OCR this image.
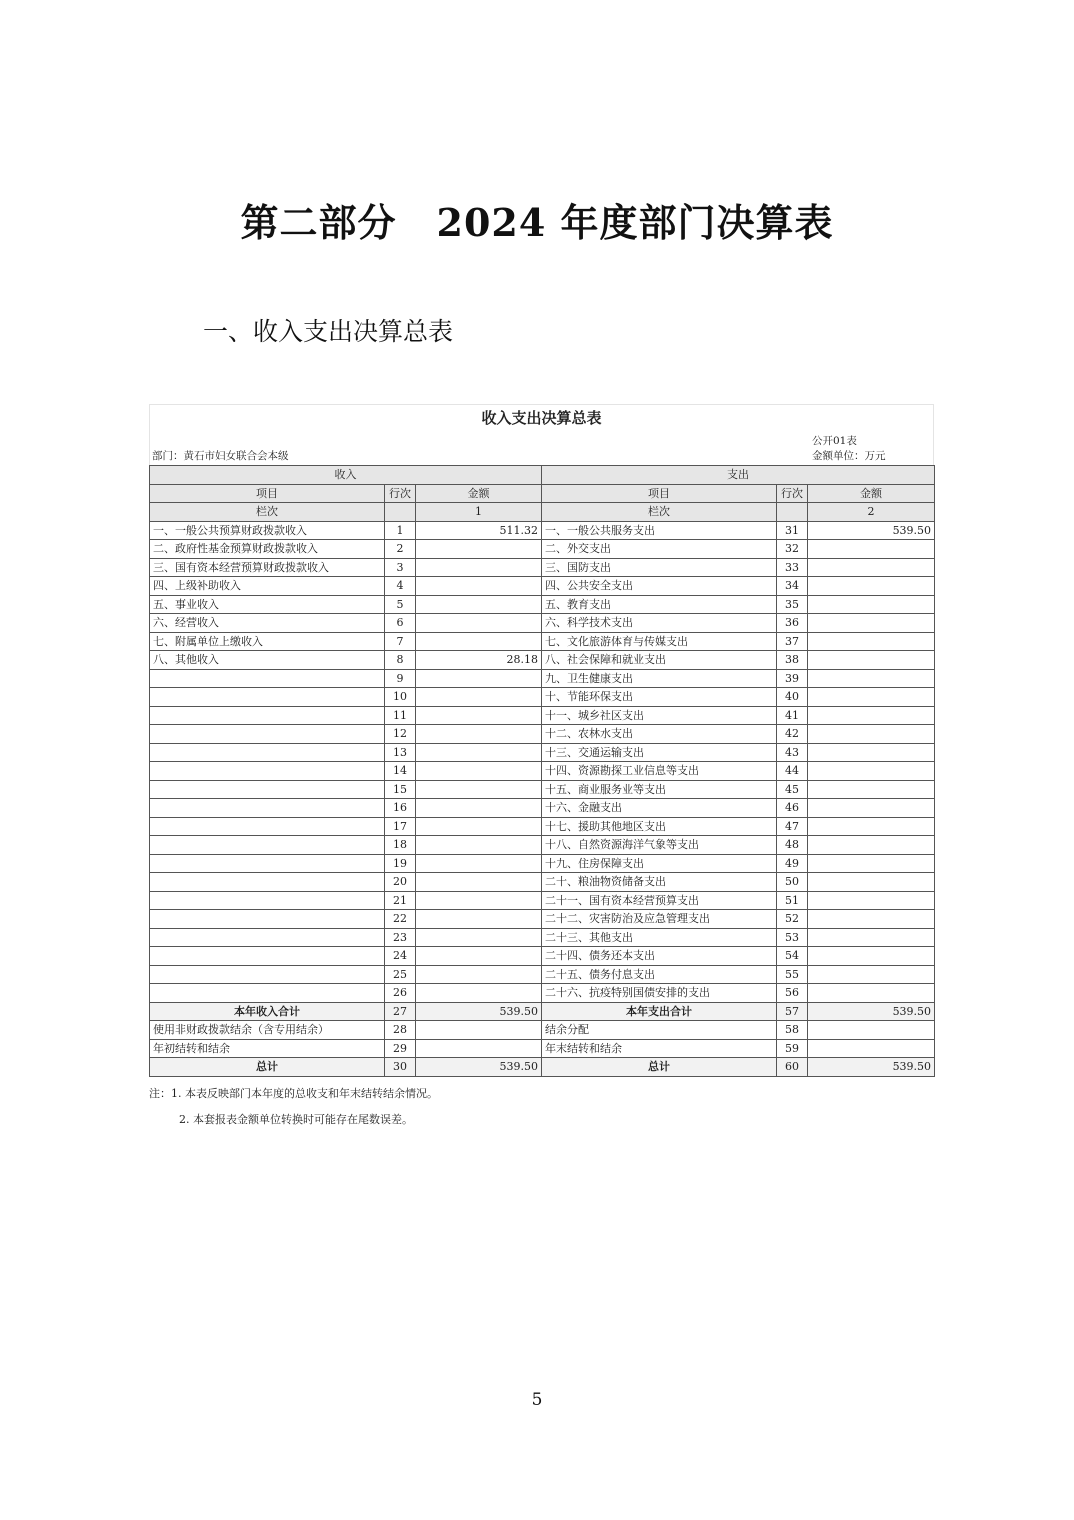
第二部分 2024 年度部门决算表
一、收入支出决算总表
收入支出决算总表
部门：黄石市妇女联合会本级
公开01表
金额单位：万元
收入			支出		
项目	行次	金额	项目	行次	金额
栏次		1	栏次		2
一、一般公共预算财政拨款收入	1	511.32	一、一般公共服务支出	31	539.50
二、政府性基金预算财政拨款收入	2		二、外交支出	32	
三、国有资本经营预算财政拨款收入	3		三、国防支出	33	
四、上级补助收入	4		四、公共安全支出	34	
五、事业收入	5		五、教育支出	35	
六、经营收入	6		六、科学技术支出	36	
七、附属单位上缴收入	7		七、文化旅游体育与传媒支出	37	
八、其他收入	8	28.18	八、社会保障和就业支出	38	
	9		九、卫生健康支出	39	
	10		十、节能环保支出	40	
	11		十一、城乡社区支出	41	
	12		十二、农林水支出	42	
	13		十三、交通运输支出	43	
	14		十四、资源勘探工业信息等支出	44	
	15		十五、商业服务业等支出	45	
	16		十六、金融支出	46	
	17		十七、援助其他地区支出	47	
	18		十八、自然资源海洋气象等支出	48	
	19		十九、住房保障支出	49	
	20		二十、粮油物资储备支出	50	
	21		二十一、国有资本经营预算支出	51	
	22		二十二、灾害防治及应急管理支出	52	
	23		二十三、其他支出	53	
	24		二十四、债务还本支出	54	
	25		二十五、债务付息支出	55	
	26		二十六、抗疫特别国债安排的支出	56	
本年收入合计	27	539.50	本年支出合计	57	539.50
使用非财政拨款结余（含专用结余）	28		结余分配	58	
年初结转和结余	29		年末结转和结余	59	
总计	30	539.50	总计	60	539.50
注：1. 本表反映部门本年度的总收支和年末结转结余情况。
2. 本套报表金额单位转换时可能存在尾数误差。
5
